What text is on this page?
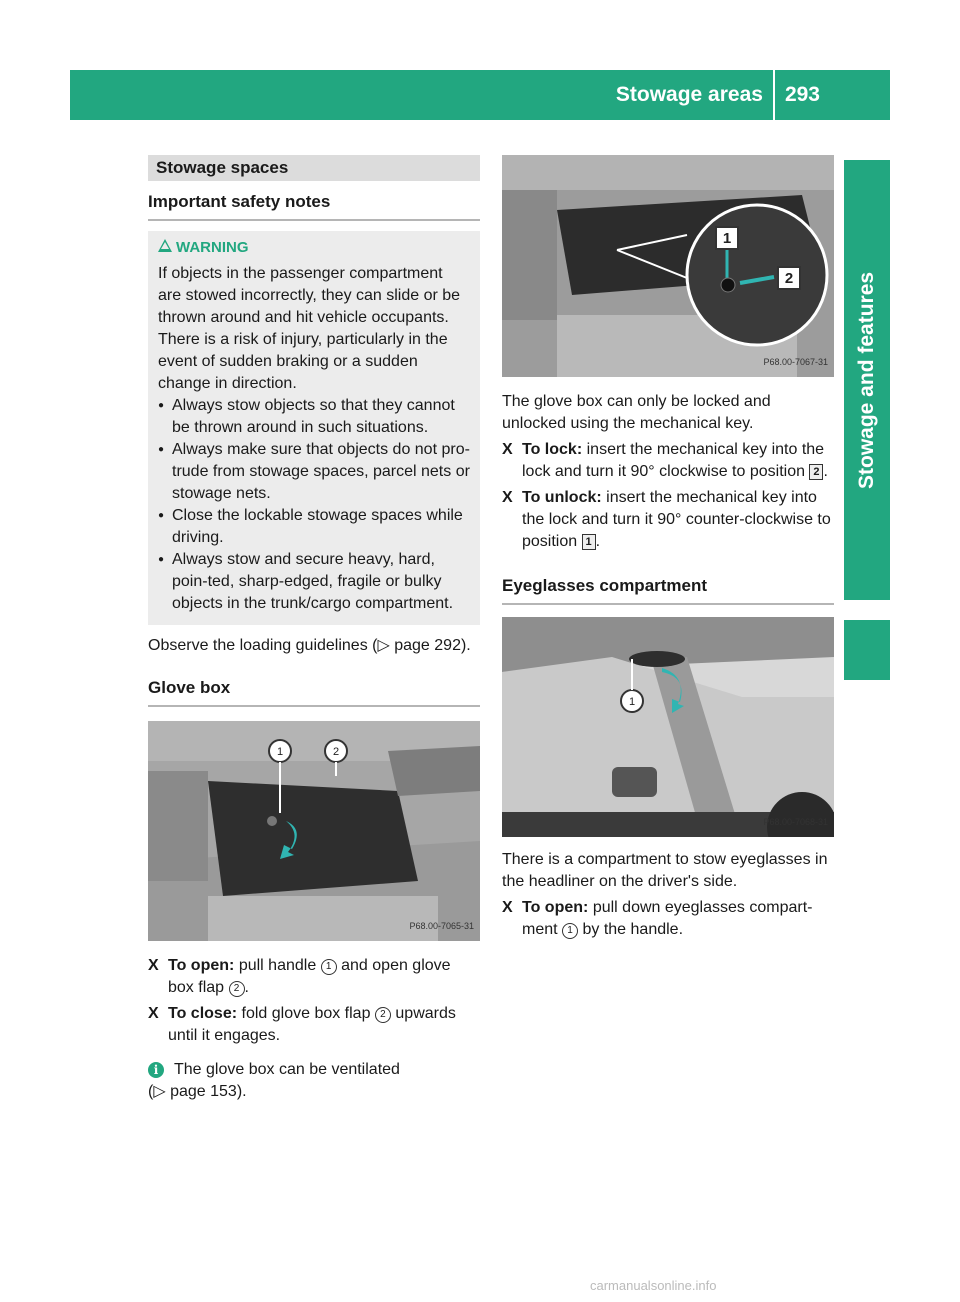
Stowage areas 293
Stowage and features
Stowage spaces
Important safety notes
WARNING
If objects in the passenger compartment are stowed incorrectly, they can slide or be thrown around and hit vehicle occupants. There is a risk of injury, particularly in the event of sudden braking or a sudden change in direction.
● Always stow objects so that they cannot be thrown around in such situations.
● Always make sure that objects do not pro-trude from stowage spaces, parcel nets or stowage nets.
● Close the lockable stowage spaces while driving.
● Always stow and secure heavy, hard, poin-ted, sharp-edged, fragile or bulky objects in the trunk/cargo compartment.
Observe the loading guidelines (▷ page 292).
Glove box
1	2
P68.00-7065-31
X To open: pull handle 1 and open glove box flap 2 .
X To close: fold glove box flap 2 upwards until it engages.
i The glove box can be ventilated
(▷ page 153).
1
2
P68.00-7067-31
The glove box can only be locked and unlocked using the mechanical key.
X To lock: insert the mechanical key into the lock and turn it 90° clockwise to position 2 .
X To unlock: insert the mechanical key into the lock and turn it 90° counter-clockwise to position 1 .
Eyeglasses compartment
1
P68.00-7068-31
There is a compartment to stow eyeglasses in the headliner on the driver's side.
X To open: pull down eyeglasses compart-ment 1 by the handle.
carmanualsonline.info
